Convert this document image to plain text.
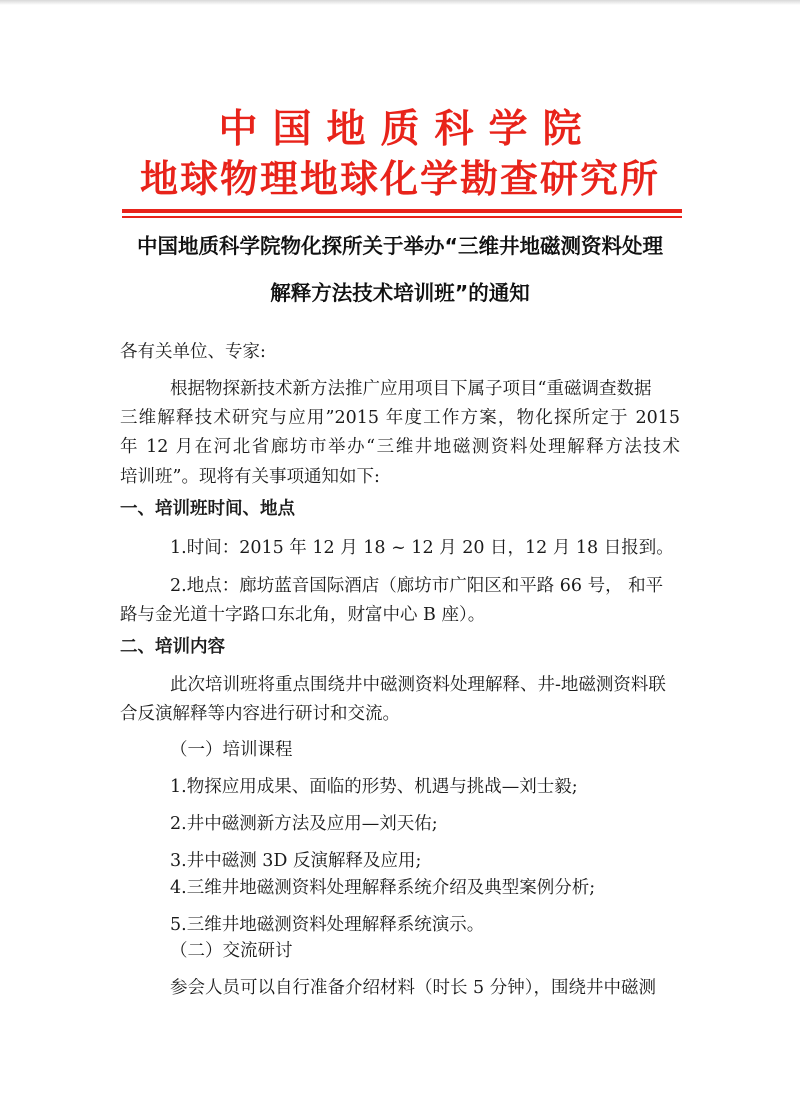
中国地质科学院
地球物理地球化学勘查研究所
中国地质科学院物化探所关于举办“三维井地磁测资料处理
解释方法技术培训班”的通知
各有关单位、专家:
根据物探新技术新方法推广应用项目下属子项目“重磁调查数据
三维解释技术研究与应用”2015 年度工作方案，物化探所定于 2015
年 12 月在河北省廊坊市举办“三维井地磁测资料处理解释方法技术
培训班”。现将有关事项通知如下:
一、培训班时间、地点
1.时间：2015 年 12 月 18 ~ 12 月 20 日，12 月 18 日报到。
2.地点：廊坊蓝音国际酒店（廊坊市广阳区和平路 66 号， 和平
路与金光道十字路口东北角，财富中心 B 座）。
二、培训内容
此次培训班将重点围绕井中磁测资料处理解释、井-地磁测资料联
合反演解释等内容进行研讨和交流。
（一）培训课程
1.物探应用成果、面临的形势、机遇与挑战—刘士毅;
2.井中磁测新方法及应用—刘天佑;
3.井中磁测 3D 反演解释及应用;
4.三维井地磁测资料处理解释系统介绍及典型案例分析;
5.三维井地磁测资料处理解释系统演示。
（二）交流研讨
参会人员可以自行准备介绍材料（时长 5 分钟），围绕井中磁测
